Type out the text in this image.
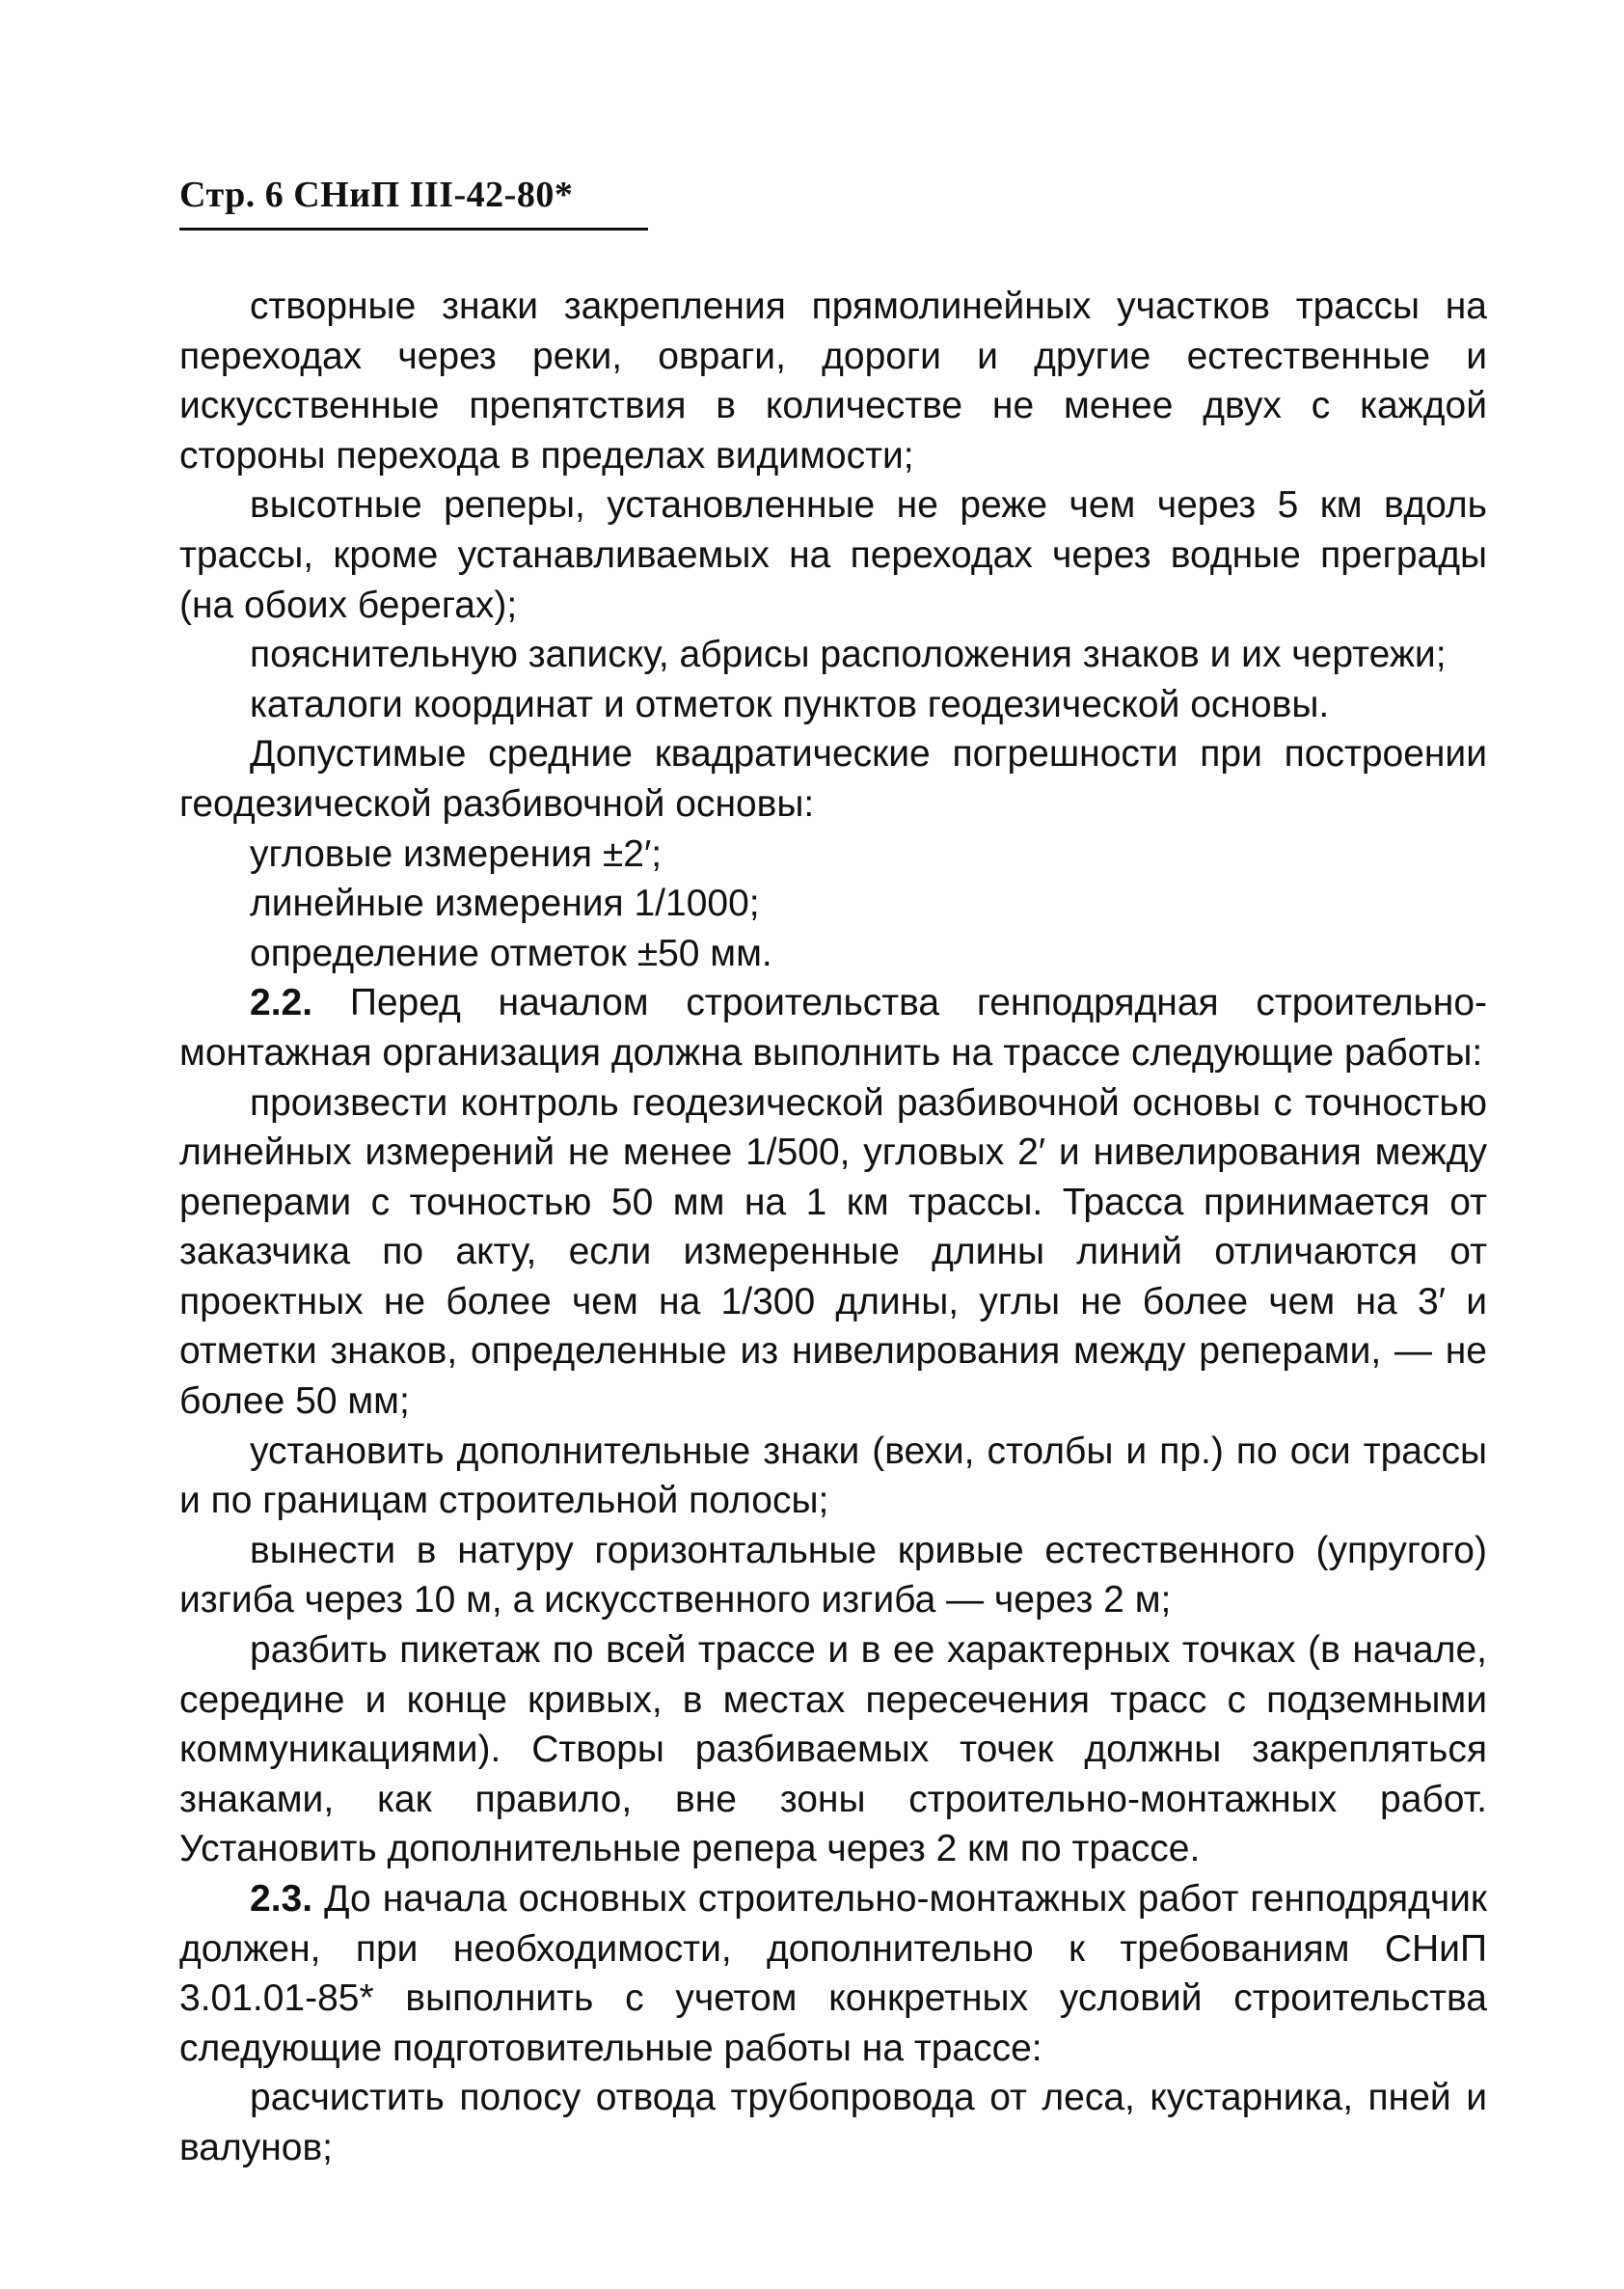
Стр. 6 СНиП III-42-80*

створные знаки закрепления прямолинейных участков трассы на переходах через реки, овраги, дороги и другие естественные и искусственные препятствия в количестве не менее двух с каждой стороны перехода в пределах видимости;

высотные реперы, установленные не реже чем через 5 км вдоль трассы, кроме устанавливаемых на переходах через водные преграды (на обоих берегах);

пояснительную записку, абрисы расположения знаков и их чертежи;

каталоги координат и отметок пунктов геодезической основы.

Допустимые средние квадратические погрешности при построении геодезической разбивочной основы:

угловые измерения ±2′;

линейные измерения 1/1000;

определение отметок ±50 мм.

2.2. Перед началом строительства генподрядная строительно-монтажная организация должна выполнить на трассе следующие работы:

произвести контроль геодезической разбивочной основы с точностью линейных измерений не менее 1/500, угловых 2′ и нивелирования между реперами с точностью 50 мм на 1 км трассы. Трасса принимается от заказчика по акту, если измеренные длины линий отличаются от проектных не более чем на 1/300 длины, углы не более чем на 3′ и отметки знаков, определенные из нивелирования между реперами, — не более 50 мм;

установить дополнительные знаки (вехи, столбы и пр.) по оси трассы и по границам строительной полосы;

вынести в натуру горизонтальные кривые естественного (упругого) изгиба через 10 м, а искусственного изгиба — через 2 м;

разбить пикетаж по всей трассе и в ее характерных точках (в начале, середине и конце кривых, в местах пересечения трасс с подземными коммуникациями). Створы разбиваемых точек должны закрепляться знаками, как правило, вне зоны строительно-монтажных работ. Установить дополнительные репера через 2 км по трассе.

2.3. До начала основных строительно-монтажных работ генподрядчик должен, при необходимости, дополнительно к требованиям СНиП 3.01.01-85* выполнить с учетом конкретных условий строительства следующие подготовительные работы на трассе:

расчистить полосу отвода трубопровода от леса, кустарника, пней и валунов;
